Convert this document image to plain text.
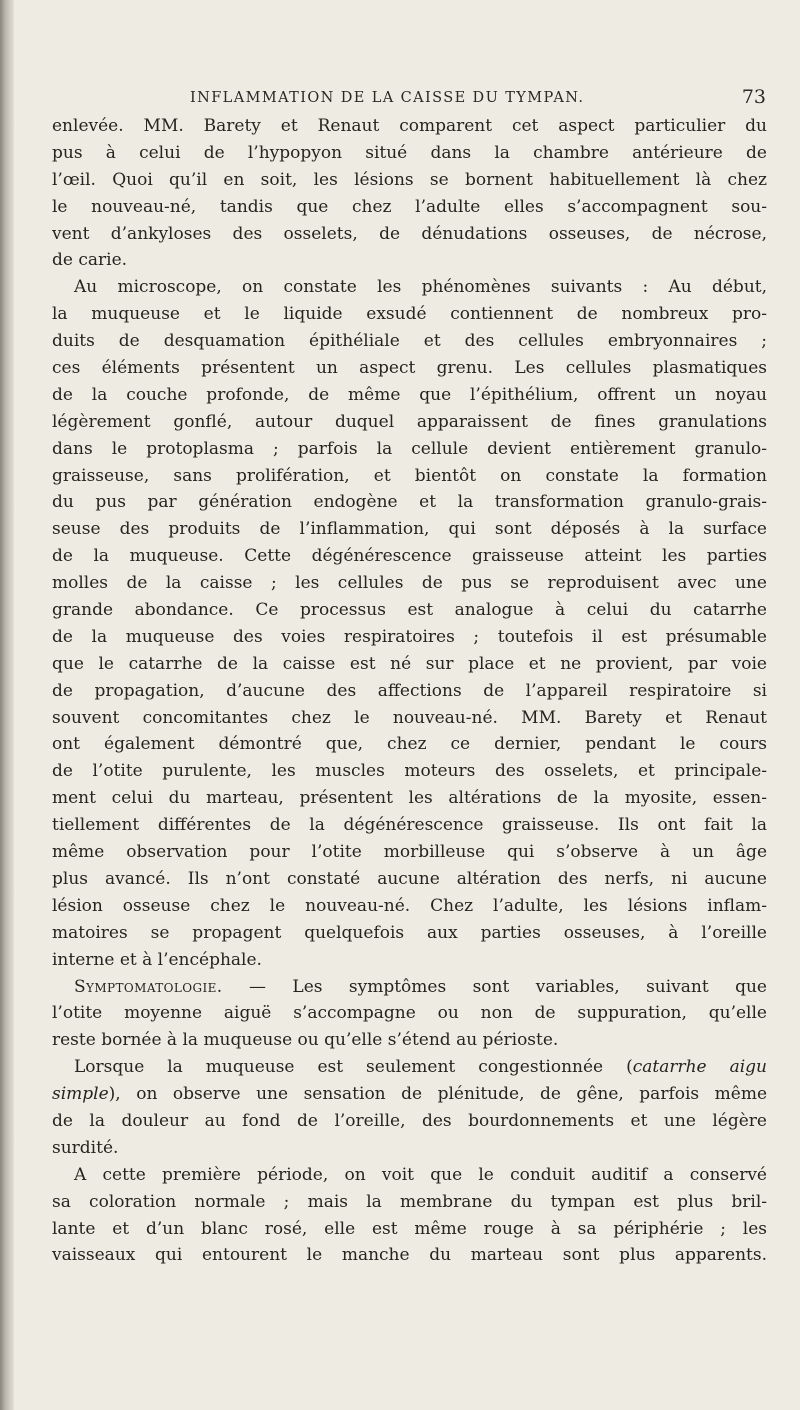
INFLAMMATION DE LA CAISSE DU TYMPAN.	73
enlevée. MM. Barety et Renaut comparent cet aspect particulier du
pus à celui de l’hypopyon situé dans la chambre antérieure de
l’œil. Quoi qu’il en soit, les lésions se bornent habituellement là chez
le nouveau-né, tandis que chez l’adulte elles s’accompagnent sou-
vent d’ankyloses des osselets, de dénudations osseuses, de nécrose,
de carie.
Au microscope, on constate les phénomènes suivants : Au début,
la muqueuse et le liquide exsudé contiennent de nombreux pro-
duits de desquamation épithéliale et des cellules embryonnaires ;
ces éléments présentent un aspect grenu. Les cellules plasmatiques
de la couche profonde, de même que l’épithélium, offrent un noyau
légèrement gonflé, autour duquel apparaissent de fines granulations
dans le protoplasma ; parfois la cellule devient entièrement granulo-
graisseuse, sans prolifération, et bientôt on constate la formation
du pus par génération endogène et la transformation granulo-grais-
seuse des produits de l’inflammation, qui sont déposés à la surface
de la muqueuse. Cette dégénérescence graisseuse atteint les parties
molles de la caisse ; les cellules de pus se reproduisent avec une
grande abondance. Ce processus est analogue à celui du catarrhe
de la muqueuse des voies respiratoires ; toutefois il est présumable
que le catarrhe de la caisse est né sur place et ne provient, par voie
de propagation, d’aucune des affections de l’appareil respiratoire si
souvent concomitantes chez le nouveau-né. MM. Barety et Renaut
ont également démontré que, chez ce dernier, pendant le cours
de l’otite purulente, les muscles moteurs des osselets, et principale-
ment celui du marteau, présentent les altérations de la myosite, essen-
tiellement différentes de la dégénérescence graisseuse. Ils ont fait la
même observation pour l’otite morbilleuse qui s’observe à un âge
plus avancé. Ils n’ont constaté aucune altération des nerfs, ni aucune
lésion osseuse chez le nouveau-né. Chez l’adulte, les lésions inflam-
matoires se propagent quelquefois aux parties osseuses, à l’oreille
interne et à l’encéphale.
Symptomatologie. — Les symptômes sont variables, suivant que
l’otite moyenne aiguë s’accompagne ou non de suppuration, qu’elle
reste bornée à la muqueuse ou qu’elle s’étend au périoste.
Lorsque la muqueuse est seulement congestionnée (catarrhe aigu
simple), on observe une sensation de plénitude, de gêne, parfois même
de la douleur au fond de l’oreille, des bourdonnements et une légère
surdité.
A cette première période, on voit que le conduit auditif a conservé
sa coloration normale ; mais la membrane du tympan est plus bril-
lante et d’un blanc rosé, elle est même rouge à sa périphérie ; les
vaisseaux qui entourent le manche du marteau sont plus apparents.
